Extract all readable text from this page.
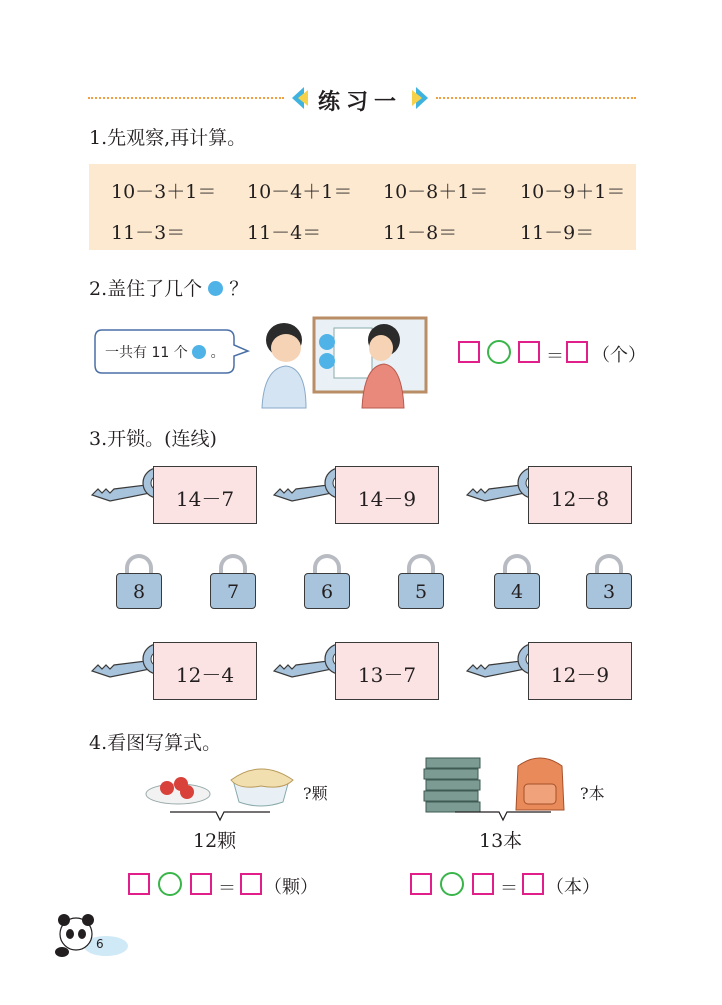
练习一
1.先观察,再计算。
10－3＋1＝ 10－4＋1＝ 10－8＋1＝ 10－9＋1＝
11－3＝	11－4＝	11－8＝	11－9＝
2.盖住了几个 ？
一共有 11 个 。	＝ （个）
3.开锁。(连线)
14－7	14－9	12－8
8	7	6	5	4	3
12－4	13－7	12－9
4.看图写算式。
?颗
12颗
?本
13本
＝ （颗）	＝ （本）
6
